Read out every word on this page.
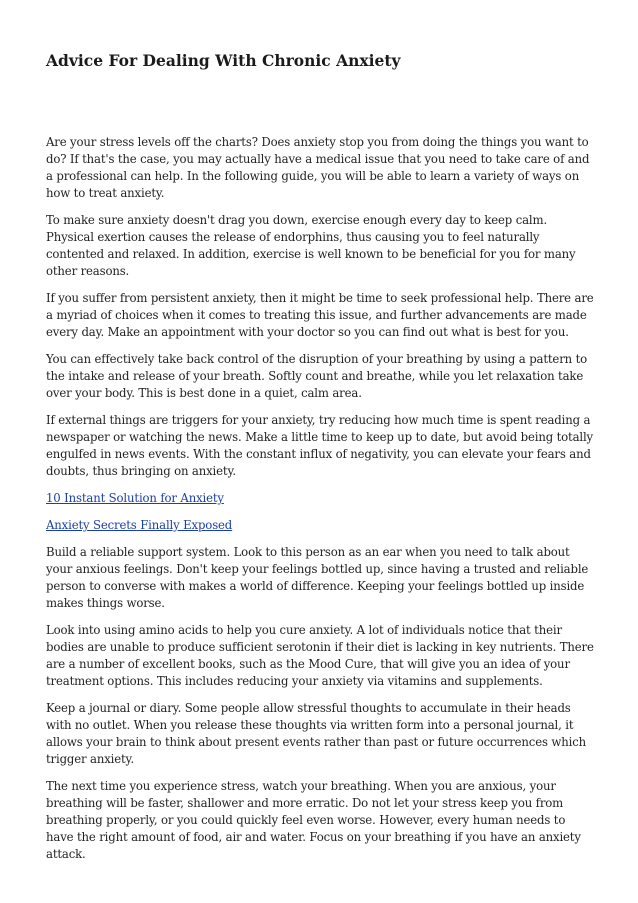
Advice For Dealing With Chronic Anxiety

Are your stress levels off the charts? Does anxiety stop you from doing the things you want to do? If that's the case, you may actually have a medical issue that you need to take care of and a professional can help. In the following guide, you will be able to learn a variety of ways on how to treat anxiety.

To make sure anxiety doesn't drag you down, exercise enough every day to keep calm. Physical exertion causes the release of endorphins, thus causing you to feel naturally contented and relaxed. In addition, exercise is well known to be beneficial for you for many other reasons.

If you suffer from persistent anxiety, then it might be time to seek professional help. There are a myriad of choices when it comes to treating this issue, and further advancements are made every day. Make an appointment with your doctor so you can find out what is best for you.

You can effectively take back control of the disruption of your breathing by using a pattern to the intake and release of your breath. Softly count and breathe, while you let relaxation take over your body. This is best done in a quiet, calm area.

If external things are triggers for your anxiety, try reducing how much time is spent reading a newspaper or watching the news. Make a little time to keep up to date, but avoid being totally engulfed in news events. With the constant influx of negativity, you can elevate your fears and doubts, thus bringing on anxiety.

10 Instant Solution for Anxiety

Anxiety Secrets Finally Exposed

Build a reliable support system. Look to this person as an ear when you need to talk about your anxious feelings. Don't keep your feelings bottled up, since having a trusted and reliable person to converse with makes a world of difference. Keeping your feelings bottled up inside makes things worse.

Look into using amino acids to help you cure anxiety. A lot of individuals notice that their bodies are unable to produce sufficient serotonin if their diet is lacking in key nutrients. There are a number of excellent books, such as the Mood Cure, that will give you an idea of your treatment options. This includes reducing your anxiety via vitamins and supplements.

Keep a journal or diary. Some people allow stressful thoughts to accumulate in their heads with no outlet. When you release these thoughts via written form into a personal journal, it allows your brain to think about present events rather than past or future occurrences which trigger anxiety.

The next time you experience stress, watch your breathing. When you are anxious, your breathing will be faster, shallower and more erratic. Do not let your stress keep you from breathing properly, or you could quickly feel even worse. However, every human needs to have the right amount of food, air and water. Focus on your breathing if you have an anxiety attack.
